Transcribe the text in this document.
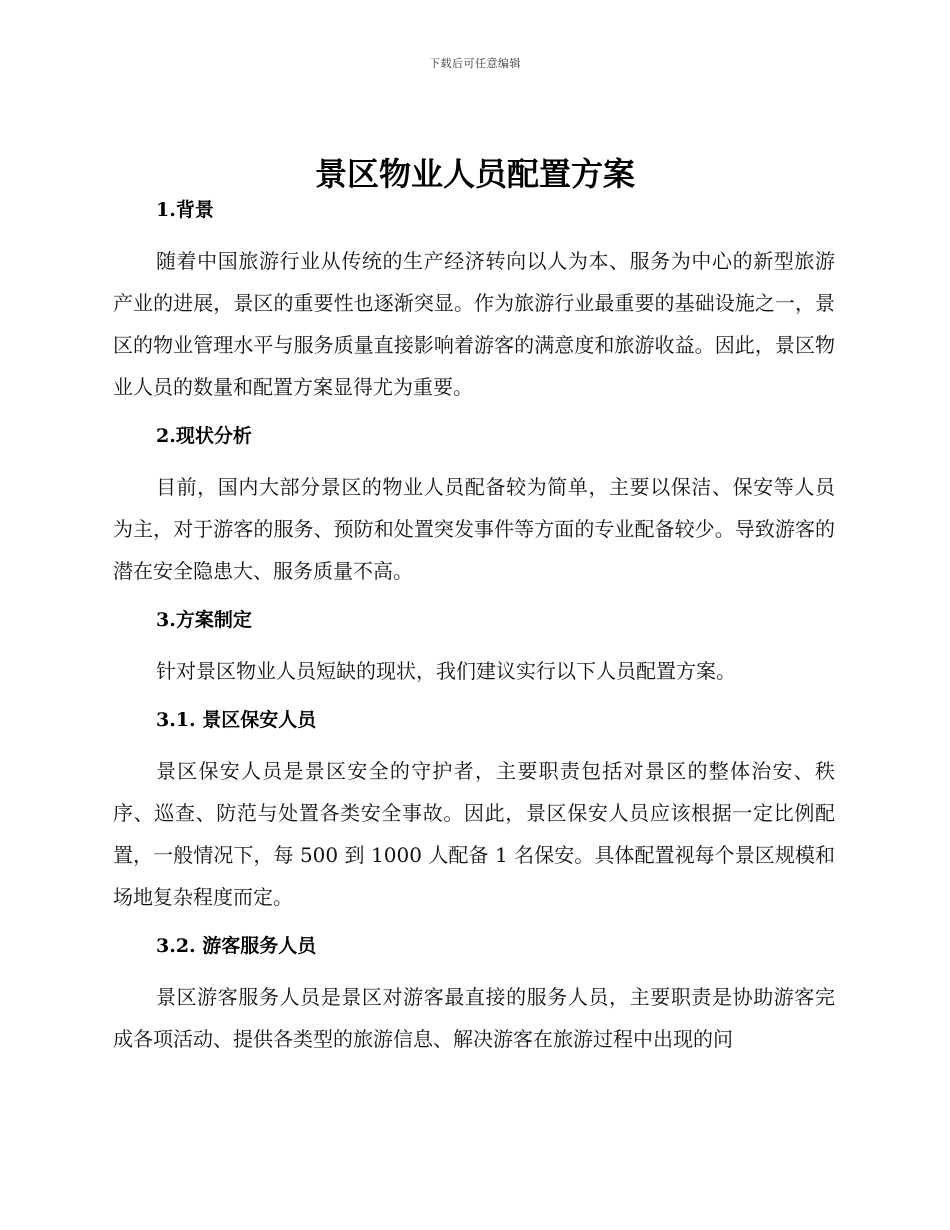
下载后可任意编辑
景区物业人员配置方案
1.背景

随着中国旅游行业从传统的生产经济转向以人为本、服务为中心的新型旅游产业的进展，景区的重要性也逐渐突显。作为旅游行业最重要的基础设施之一，景区的物业管理水平与服务质量直接影响着游客的满意度和旅游收益。因此，景区物业人员的数量和配置方案显得尤为重要。

2.现状分析

目前，国内大部分景区的物业人员配备较为简单，主要以保洁、保安等人员为主，对于游客的服务、预防和处置突发事件等方面的专业配备较少。导致游客的潜在安全隐患大、服务质量不高。

3.方案制定

针对景区物业人员短缺的现状，我们建议实行以下人员配置方案。

3.1. 景区保安人员

景区保安人员是景区安全的守护者，主要职责包括对景区的整体治安、秩序、巡查、防范与处置各类安全事故。因此，景区保安人员应该根据一定比例配置，一般情况下，每 500 到 1000 人配备 1 名保安。具体配置视每个景区规模和场地复杂程度而定。

3.2. 游客服务人员

景区游客服务人员是景区对游客最直接的服务人员，主要职责是协助游客完成各项活动、提供各类型的旅游信息、解决游客在旅游过程中出现的问
